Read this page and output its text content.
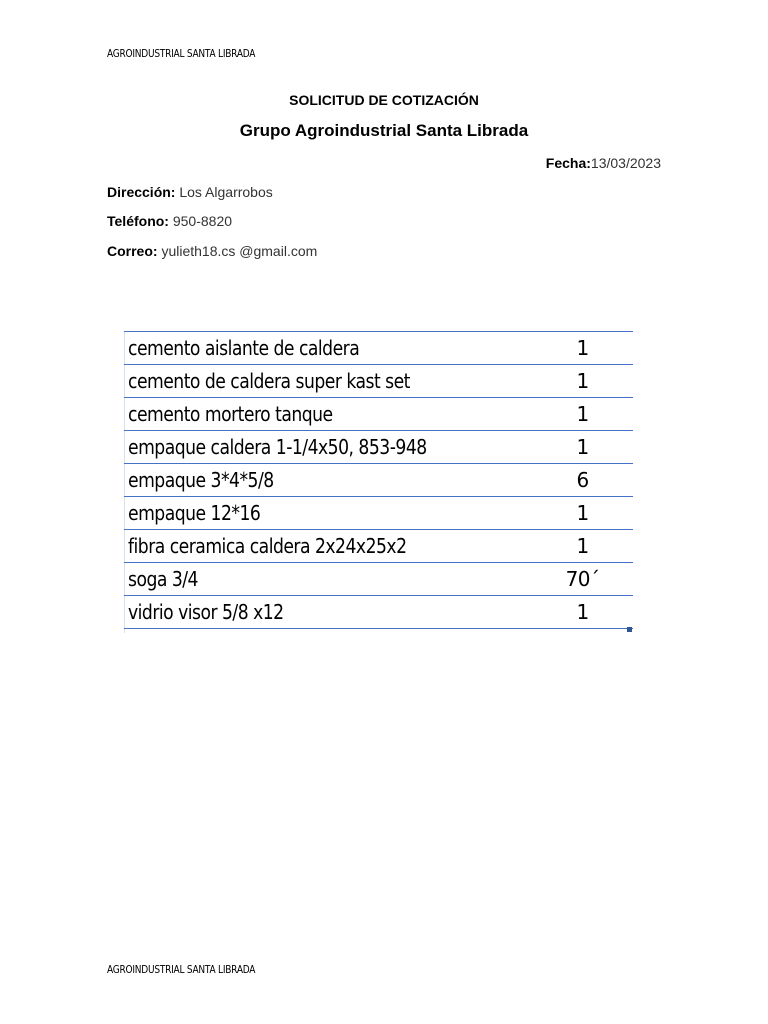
AGROINDUSTRIAL SANTA LIBRADA
SOLICITUD DE COTIZACIÓN
Grupo Agroindustrial Santa Librada
Fecha:13/03/2023
Dirección: Los Algarrobos
Teléfono: 950-8820
Correo: yulieth18.cs @gmail.com
cemento aislante de caldera	1
cemento de caldera super kast set	1
cemento mortero tanque	1
empaque caldera 1-1/4x50, 853-948	1
empaque 3*4*5/8	6
empaque 12*16	1
fibra ceramica caldera 2x24x25x2	1
soga 3/4	70´
vidrio visor 5/8 x12	1
AGROINDUSTRIAL SANTA LIBRADA
